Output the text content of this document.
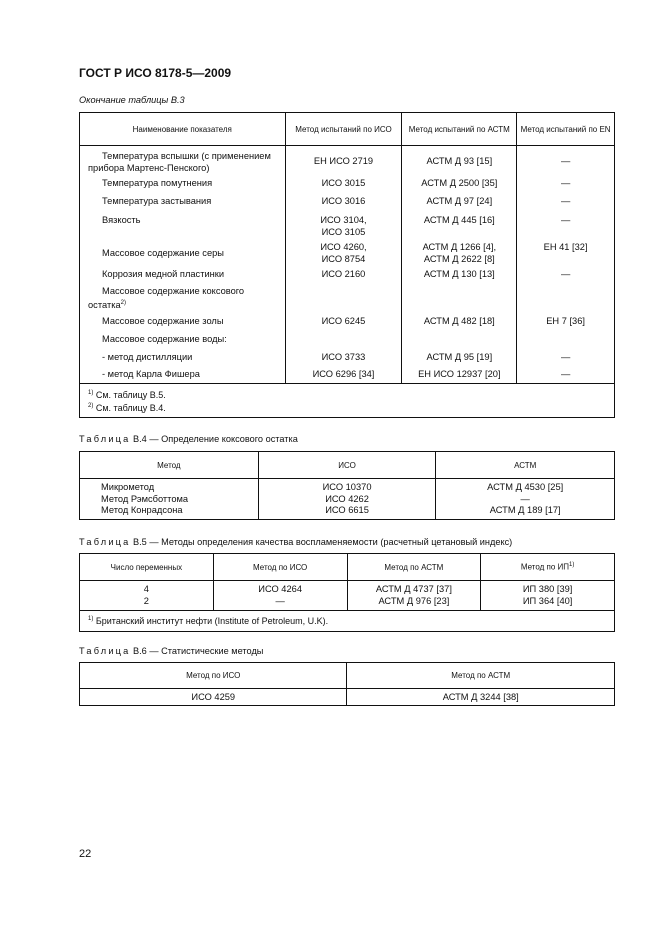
ГОСТ Р ИСО 8178-5—2009
Окончание таблицы В.3
Наименование показателя	Метод испытаний по ИСО	Метод испытаний по АСТМ	Метод испытаний по EN
Температура вспышки (с применением прибора Мартенс-Пенского)	ЕН ИСО 2719	АСТМ Д 93 [15]	—
Температура помутнения	ИСО 3015	АСТМ Д 2500 [35]	—
Температура застывания	ИСО 3016	АСТМ Д 97 [24]	—
Вязкость	ИСО 3104, ИСО 3105	АСТМ Д 445 [16]	—
Массовое содержание серы	ИСО 4260, ИСО 8754	АСТМ Д 1266 [4], АСТМ Д 2622 [8]	ЕН 41 [32]
Коррозия медной пластинки	ИСО 2160	АСТМ Д 130 [13]	—
Массовое содержание коксового остатка$^{2)}$			
Массовое содержание золы	ИСО 6245	АСТМ Д 482 [18]	ЕН 7 [36]
Массовое содержание воды:			
- метод дистилляции	ИСО 3733	АСТМ Д 95 [19]	—
- метод Карла Фишера	ИСО 6296 [34]	ЕН ИСО 12937 [20]	—

$^{1)}$ См. таблицу В.5.
$^{2)}$ См. таблицу В.4.			
Таблица В.4 — Определение коксового остатка
Метод	ИСО	АСТМ
Микрометод	ИСО 10370	АСТМ Д 4530 [25]
Метод Рэмсботтома	ИСО 4262	—
Метод Конрадсона	ИСО 6615	АСТМ Д 189 [17]
Таблица В.5 — Методы определения качества воспламеняемости (расчетный цетановый индекс)
Число переменных	Метод по ИСО	Метод по АСТМ	Метод по ИП$^{1)}$
4	ИСО 4264	АСТМ Д 4737 [37]	ИП 380 [39]
2	—	АСТМ Д 976 [23]	ИП 364 [40]
$^{1)}$ Британский институт нефти (Institute of Petroleum, U.K).			
Таблица В.6 — Статистические методы
Метод по ИСО	Метод по АСТМ
ИСО 4259	АСТМ Д 3244 [38]
22
